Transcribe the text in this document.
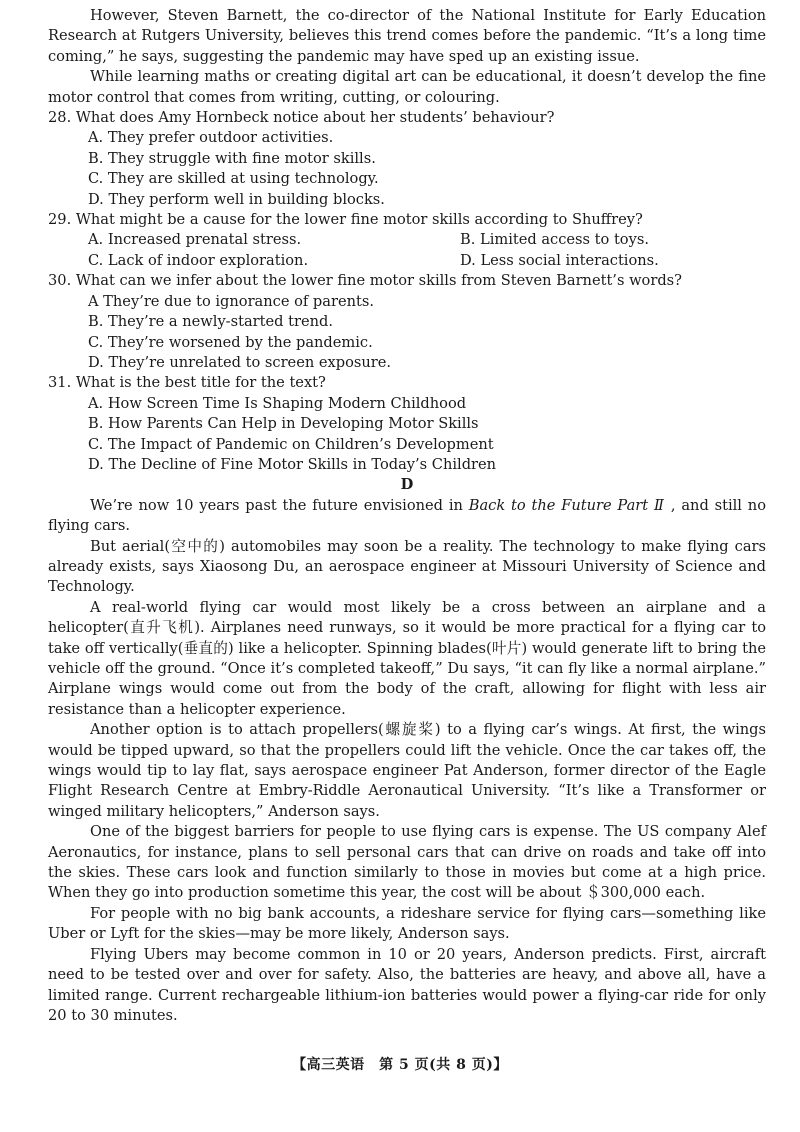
However, Steven Barnett, the co-director of the National Institute for Early Education Research at Rutgers University, believes this trend comes before the pandemic. “It’s a long time coming,” he says, suggesting the pandemic may have sped up an existing issue.

While learning maths or creating digital art can be educational, it doesn’t develop the fine motor control that comes from writing, cutting, or colouring.

28. What does Amy Hornbeck notice about her students’ behaviour?

A. They prefer outdoor activities.
B. They struggle with fine motor skills.
C. They are skilled at using technology.
D. They perform well in building blocks.

29. What might be a cause for the lower fine motor skills according to Shuffrey?

A. Increased prenatal stress.	B. Limited access to toys.
C. Lack of indoor exploration.	D. Less social interactions.

30. What can we infer about the lower fine motor skills from Steven Barnett’s words?

A They’re due to ignorance of parents.
B. They’re a newly-started trend.
C. They’re worsened by the pandemic.
D. They’re unrelated to screen exposure.

31. What is the best title for the text?

A. How Screen Time Is Shaping Modern Childhood
B. How Parents Can Help in Developing Motor Skills
C. The Impact of Pandemic on Children’s Development
D. The Decline of Fine Motor Skills in Today’s Children

D

We’re now 10 years past the future envisioned in Back to the Future Part Ⅱ , and still no flying cars.

But aerial(空中的) automobiles may soon be a reality. The technology to make flying cars already exists, says Xiaosong Du, an aerospace engineer at Missouri University of Science and Technology.

A real-world flying car would most likely be a cross between an airplane and a helicopter(直升飞机). Airplanes need runways, so it would be more practical for a flying car to take off vertically(垂直的) like a helicopter. Spinning blades(叶片) would generate lift to bring the vehicle off the ground. “Once it’s completed takeoff,” Du says, “it can fly like a normal airplane.” Airplane wings would come out from the body of the craft, allowing for flight with less air resistance than a helicopter experience.

Another option is to attach propellers(螺旋桨) to a flying car’s wings. At first, the wings would be tipped upward, so that the propellers could lift the vehicle. Once the car takes off, the wings would tip to lay flat, says aerospace engineer Pat Anderson, former director of the Eagle Flight Research Centre at Embry-Riddle Aeronautical University. “It’s like a Transformer or winged military helicopters,” Anderson says.

One of the biggest barriers for people to use flying cars is expense. The US company Alef Aeronautics, for instance, plans to sell personal cars that can drive on roads and take off into the skies. These cars look and function similarly to those in movies but come at a high price. When they go into production sometime this year, the cost will be about ＄300,000 each.

For people with no big bank accounts, a rideshare service for flying cars—something like Uber or Lyft for the skies—may be more likely, Anderson says.

Flying Ubers may become common in 10 or 20 years, Anderson predicts. First, aircraft need to be tested over and over for safety. Also, the batteries are heavy, and above all, have a limited range. Current rechargeable lithium-ion batteries would power a flying-car ride for only 20 to 30 minutes.

【高三英语　第 5 页(共 8 页)】
